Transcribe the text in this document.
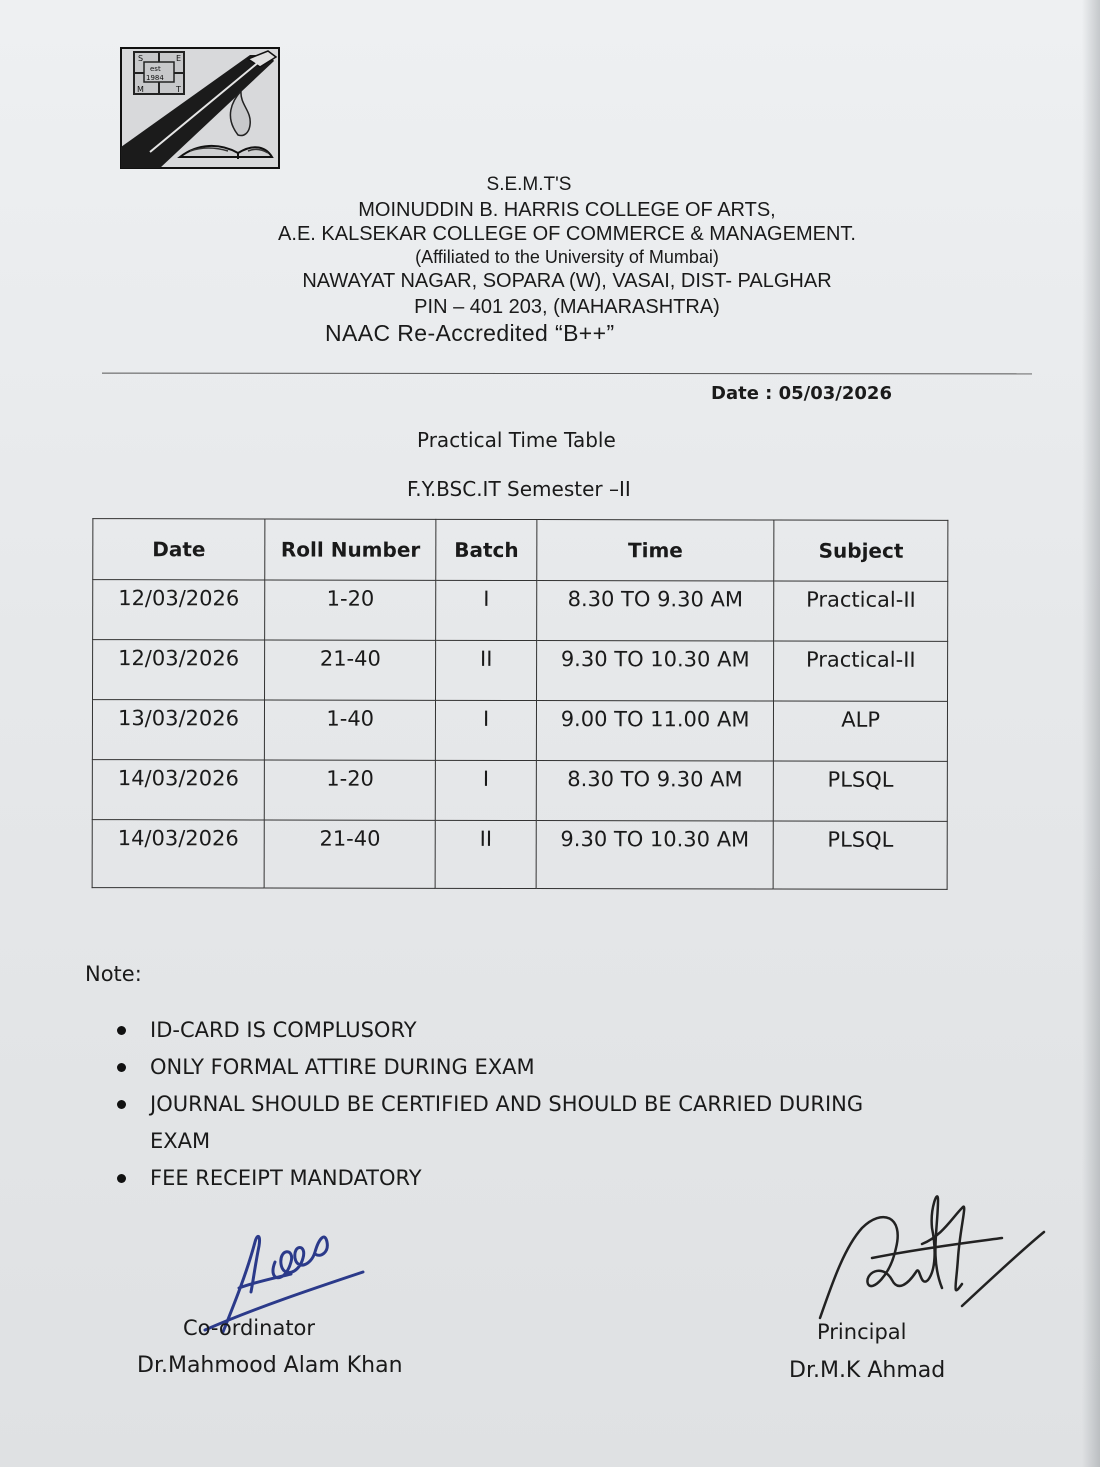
S	E
est
1984
M	T
S.E.M.T'S
MOINUDDIN B. HARRIS COLLEGE OF ARTS,
A.E. KALSEKAR COLLEGE OF COMMERCE & MANAGEMENT.
(Affiliated to the University of Mumbai)
NAWAYAT NAGAR, SOPARA (W), VASAI, DIST- PALGHAR
PIN – 401 203, (MAHARASHTRA)
NAAC Re-Accredited “B++”
Date : 05/03/2026
Practical Time Table
F.Y.BSC.IT Semester –II
Date	Roll Number	Batch	Time	Subject
12/03/2026	1-20	I	8.30 TO 9.30 AM	Practical-II
12/03/2026	21-40	II	9.30 TO 10.30 AM	Practical-II
13/03/2026	1-40	I	9.00 TO 11.00 AM	ALP
14/03/2026	1-20	I	8.30 TO 9.30 AM	PLSQL
14/03/2026	21-40	II	9.30 TO 10.30 AM	PLSQL
Note:
ID-CARD IS COMPLUSORY
ONLY FORMAL ATTIRE DURING EXAM
JOURNAL SHOULD BE CERTIFIED AND SHOULD BE CARRIED DURING EXAM
FEE RECEIPT MANDATORY
Co-ordinator
Dr.Mahmood Alam Khan
Principal
Dr.M.K Ahmad
